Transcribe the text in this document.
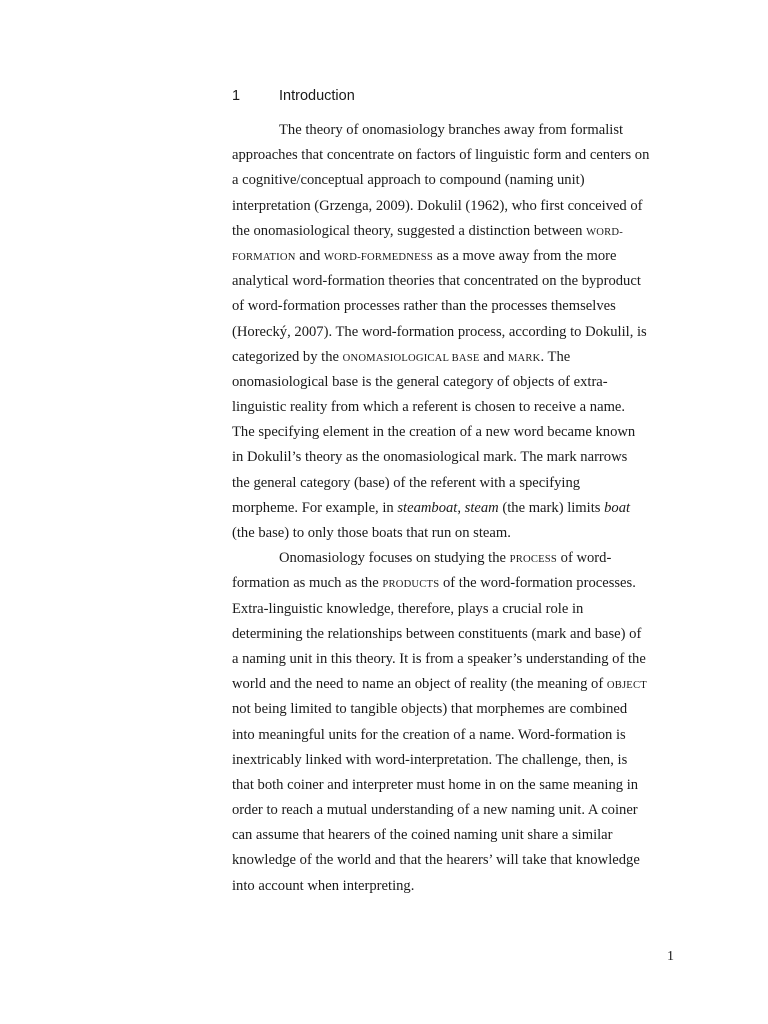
1	Introduction
The theory of onomasiology branches away from formalist
approaches that concentrate on factors of linguistic form and centers on
a cognitive/conceptual approach to compound (naming unit)
interpretation (Grzenga, 2009). Dokulil (1962), who first conceived of
the onomasiological theory, suggested a distinction between WORD-
FORMATION and WORD-FORMEDNESS as a move away from the more
analytical word-formation theories that concentrated on the byproduct
of word-formation processes rather than the processes themselves
(Horecký, 2007). The word-formation process, according to Dokulil, is
categorized by the ONOMASIOLOGICAL BASE and MARK. The
onomasiological base is the general category of objects of extra-
linguistic reality from which a referent is chosen to receive a name.
The specifying element in the creation of a new word became known
in Dokulil’s theory as the onomasiological mark. The mark narrows
the general category (base) of the referent with a specifying
morpheme. For example, in steamboat, steam (the mark) limits boat
(the base) to only those boats that run on steam.
Onomasiology focuses on studying the PROCESS of word-
formation as much as the PRODUCTS of the word-formation processes.
Extra-linguistic knowledge, therefore, plays a crucial role in
determining the relationships between constituents (mark and base) of
a naming unit in this theory. It is from a speaker’s understanding of the
world and the need to name an object of reality (the meaning of OBJECT
not being limited to tangible objects) that morphemes are combined
into meaningful units for the creation of a name. Word-formation is
inextricably linked with word-interpretation. The challenge, then, is
that both coiner and interpreter must home in on the same meaning in
order to reach a mutual understanding of a new naming unit. A coiner
can assume that hearers of the coined naming unit share a similar
knowledge of the world and that the hearers’ will take that knowledge
into account when interpreting.
1
